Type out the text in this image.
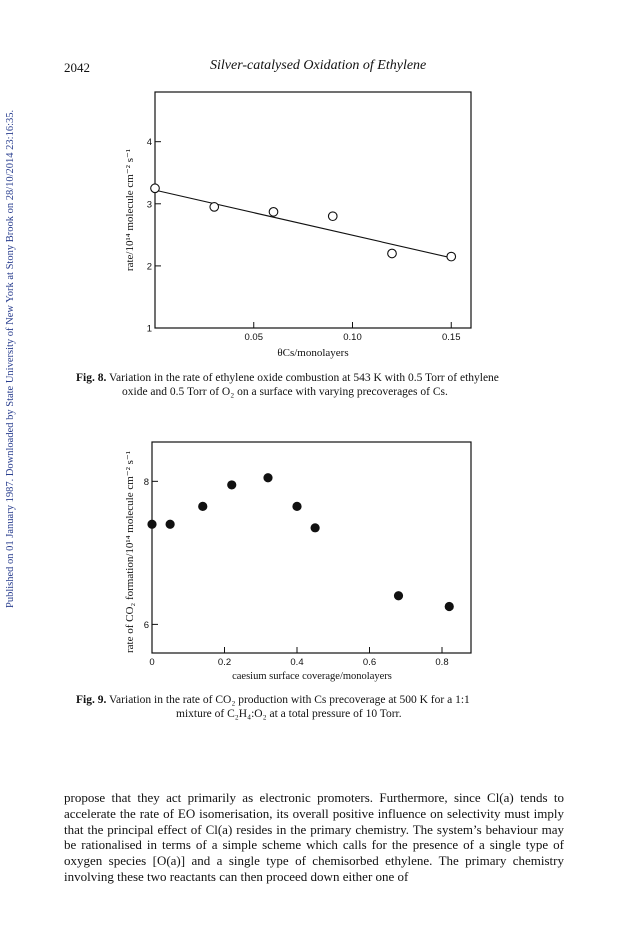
Published on 01 January 1987. Downloaded by State University of New York at Stony Brook on 28/10/2014 23:16:35.
2042	Silver-catalysed Oxidation of Ethylene
0.05	0.10	0.15
1
2
3
4
rate/10¹⁴ molecule cm⁻² s⁻¹
θCs/monolayers
Fig. 8. Variation in the rate of ethylene oxide combustion at 543 K with 0.5 Torr of ethylene
oxide and 0.5 Torr of O₂ on a surface with varying precoverages of Cs.
0	0.2	0.4	0.6	0.8
6
8
rate of CO₂ formation/10¹⁴ molecule cm⁻² s⁻¹
caesium surface coverage/monolayers
Fig. 9. Variation in the rate of CO₂ production with Cs precoverage at 500 K for a 1:1
mixture of C₂H₄:O₂ at a total pressure of 10 Torr.

propose that they act primarily as electronic promoters. Furthermore, since Cl(a) tends to accelerate the rate of EO isomerisation, its overall positive influence on selectivity must imply that the principal effect of Cl(a) resides in the primary chemistry. The system’s behaviour may be rationalised in terms of a simple scheme which calls for the presence of a single type of oxygen species [O(a)] and a single type of chemisorbed ethylene. The primary chemistry involving these two reactants can then proceed down either one of
